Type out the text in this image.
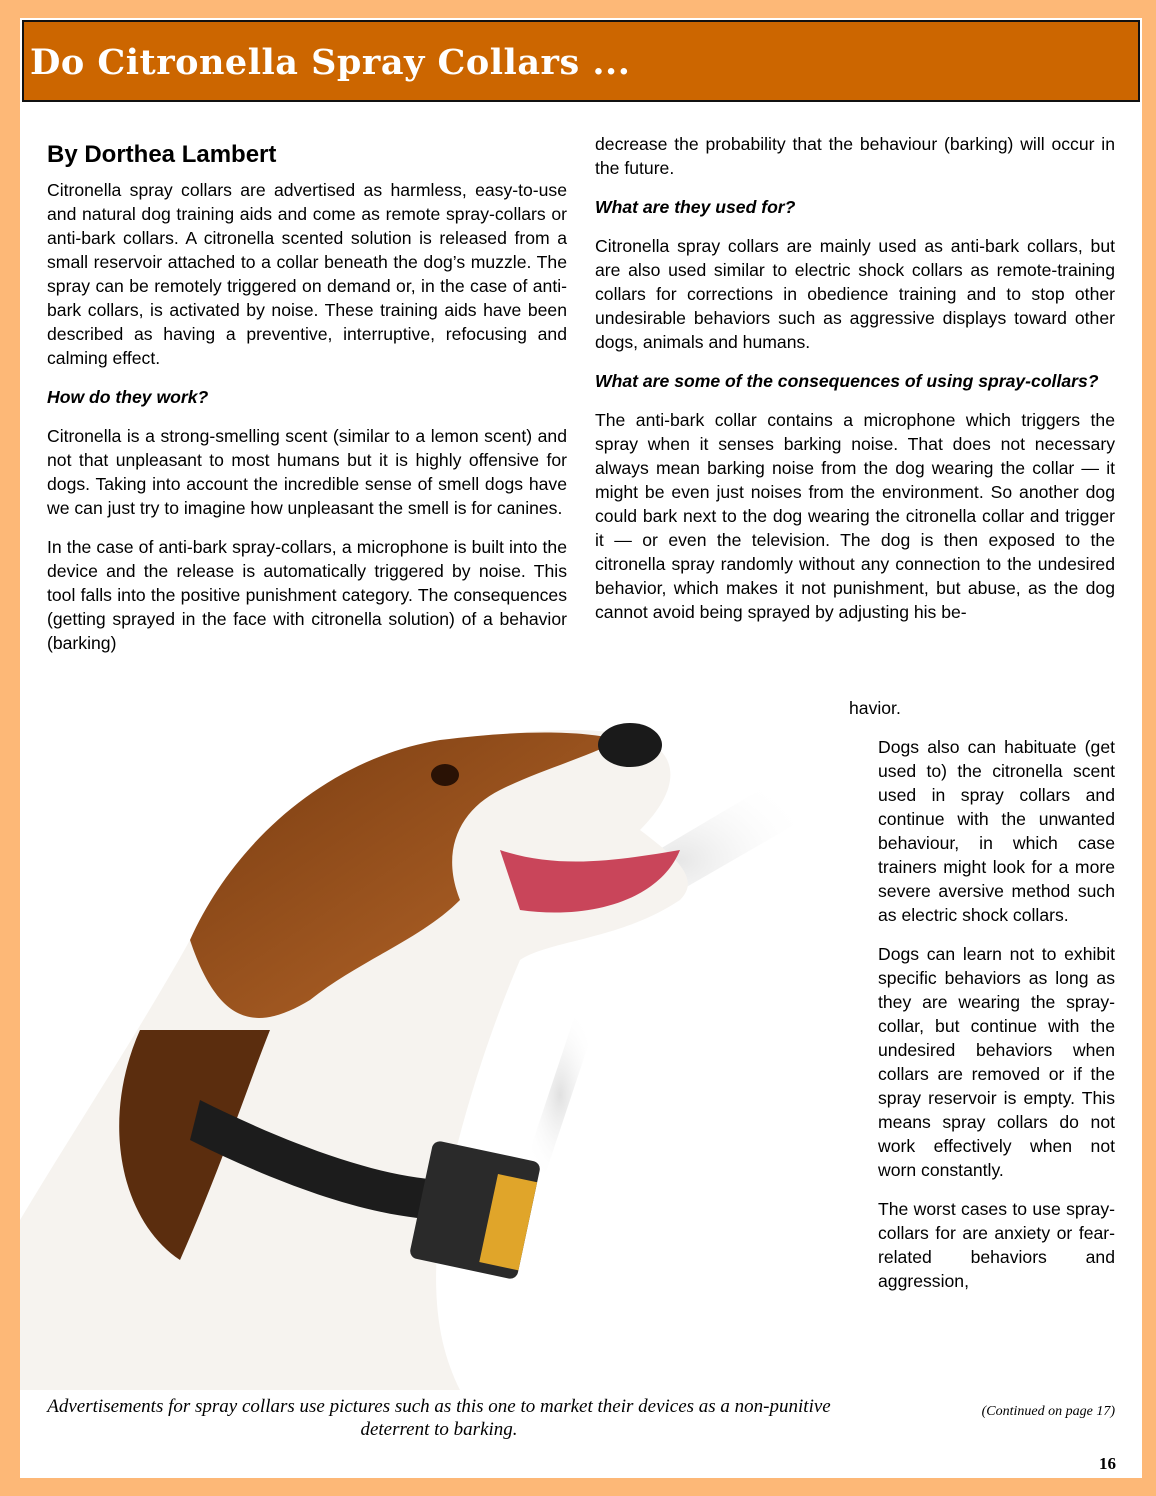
Do Citronella Spray Collars ...
By Dorthea Lambert

Citronella spray collars are advertised as harmless, easy-to-use and natural dog training aids and come as remote spray-collars or anti-bark collars. A citronella scented solution is released from a small reservoir attached to a collar beneath the dog’s muzzle. The spray can be remotely triggered on demand or, in the case of anti-bark collars, is activated by noise. These training aids have been described as having a preventive, interruptive, refocusing and calming effect.

How do they work?

Citronella is a strong-smelling scent (similar to a lemon scent) and not that unpleasant to most humans but it is highly offensive for dogs. Taking into account the incredible sense of smell dogs have we can just try to imagine how unpleasant the smell is for canines.

In the case of anti-bark spray-collars, a microphone is built into the device and the release is automatically triggered by noise. This tool falls into the positive punishment category. The consequences (getting sprayed in the face with citronella solution) of a behavior (barking)

decrease the probability that the behaviour (barking) will occur in the future.

What are they used for?

Citronella spray collars are mainly used as anti-bark collars, but are also used similar to electric shock collars as remote-training collars for corrections in obedience training and to stop other undesirable behaviors such as aggressive displays toward other dogs, animals and humans.

What are some of the consequences of using spray-collars?

The anti-bark collar contains a microphone which triggers the spray when it senses barking noise. That does not necessary always mean barking noise from the dog wearing the collar — it might be even just noises from the environment. So another dog could bark next to the dog wearing the citronella collar and trigger it — or even the television. The dog is then exposed to the citronella spray randomly without any connection to the undesired behavior, which makes it not punishment, but abuse, as the dog cannot avoid being sprayed by adjusting his be-

havior.

Dogs also can habituate (get used to) the citronella scent used in spray collars and continue with the unwanted behaviour, in which case trainers might look for a more severe aversive method such as electric shock collars.

Dogs can learn not to exhibit specific behaviors as long as they are wearing the spray-collar, but continue with the undesired behaviors when collars are removed or if the spray reservoir is empty. This means spray collars do not work effectively when not worn constantly.

The worst cases to use spray-collars for are anxiety or fear-related behaviors and aggression,

Advertisements for spray collars use pictures such as this one to market their devices as a non-punitive deterrent to barking.
(Continued on page 17)
16
